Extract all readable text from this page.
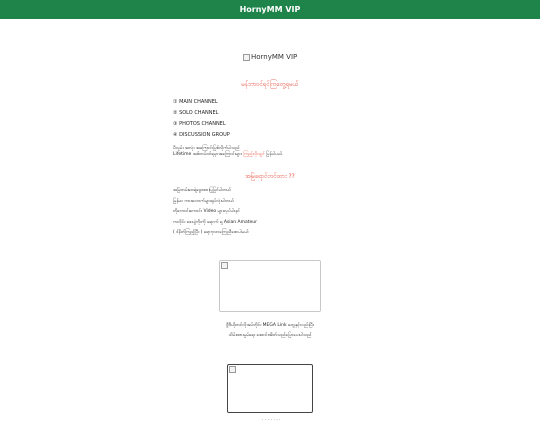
HornyMM VIP
HornyMM VIP
မန်ဘာဝင်ရင်ကြတွေ့ရမယ်
① MAIN CHANNEL
② SOLO CHANNEL
③ PHOTOS CHANNEL
④ DISCUSSION GROUP
ပီလူမ်း အလုံး အကြောင်းပြစ်လိုက်ပါသည်
Lifetime အစ်တပ်ဝင်ရမှာအကြောင်းများ ကြည့်လိုလျှင် ပြန်ပါပယ်
အမြဲရောင်တင်ထား ??
အမြဲတမ်းဗေရဲ့ဗွေးထားပြုပြင်ပါတယ်
မြန်မာ ကားလောက်များရုပ်လုံးပါတယ်
တိုကောင်းကောင်း Video များလုပ်ပါးနင်
ကလိုင်း ဒေးပျံကိုးကို ရောက် ရှ Asian Amateur
( ဒ်နိတ်ကြည့်ပြီး ) ရောဂုလာကြေညီဖောပါမယ်
ဗွီဒီယိုတင်လိုအပ်တိုင်း MEGA Link တွေနှင့်လည်းပြီး
သိမ်းထားမှုမ်ရေး အောင်းအိတ်သည်ပြောပေးပါသည်
· · · · · · ·
